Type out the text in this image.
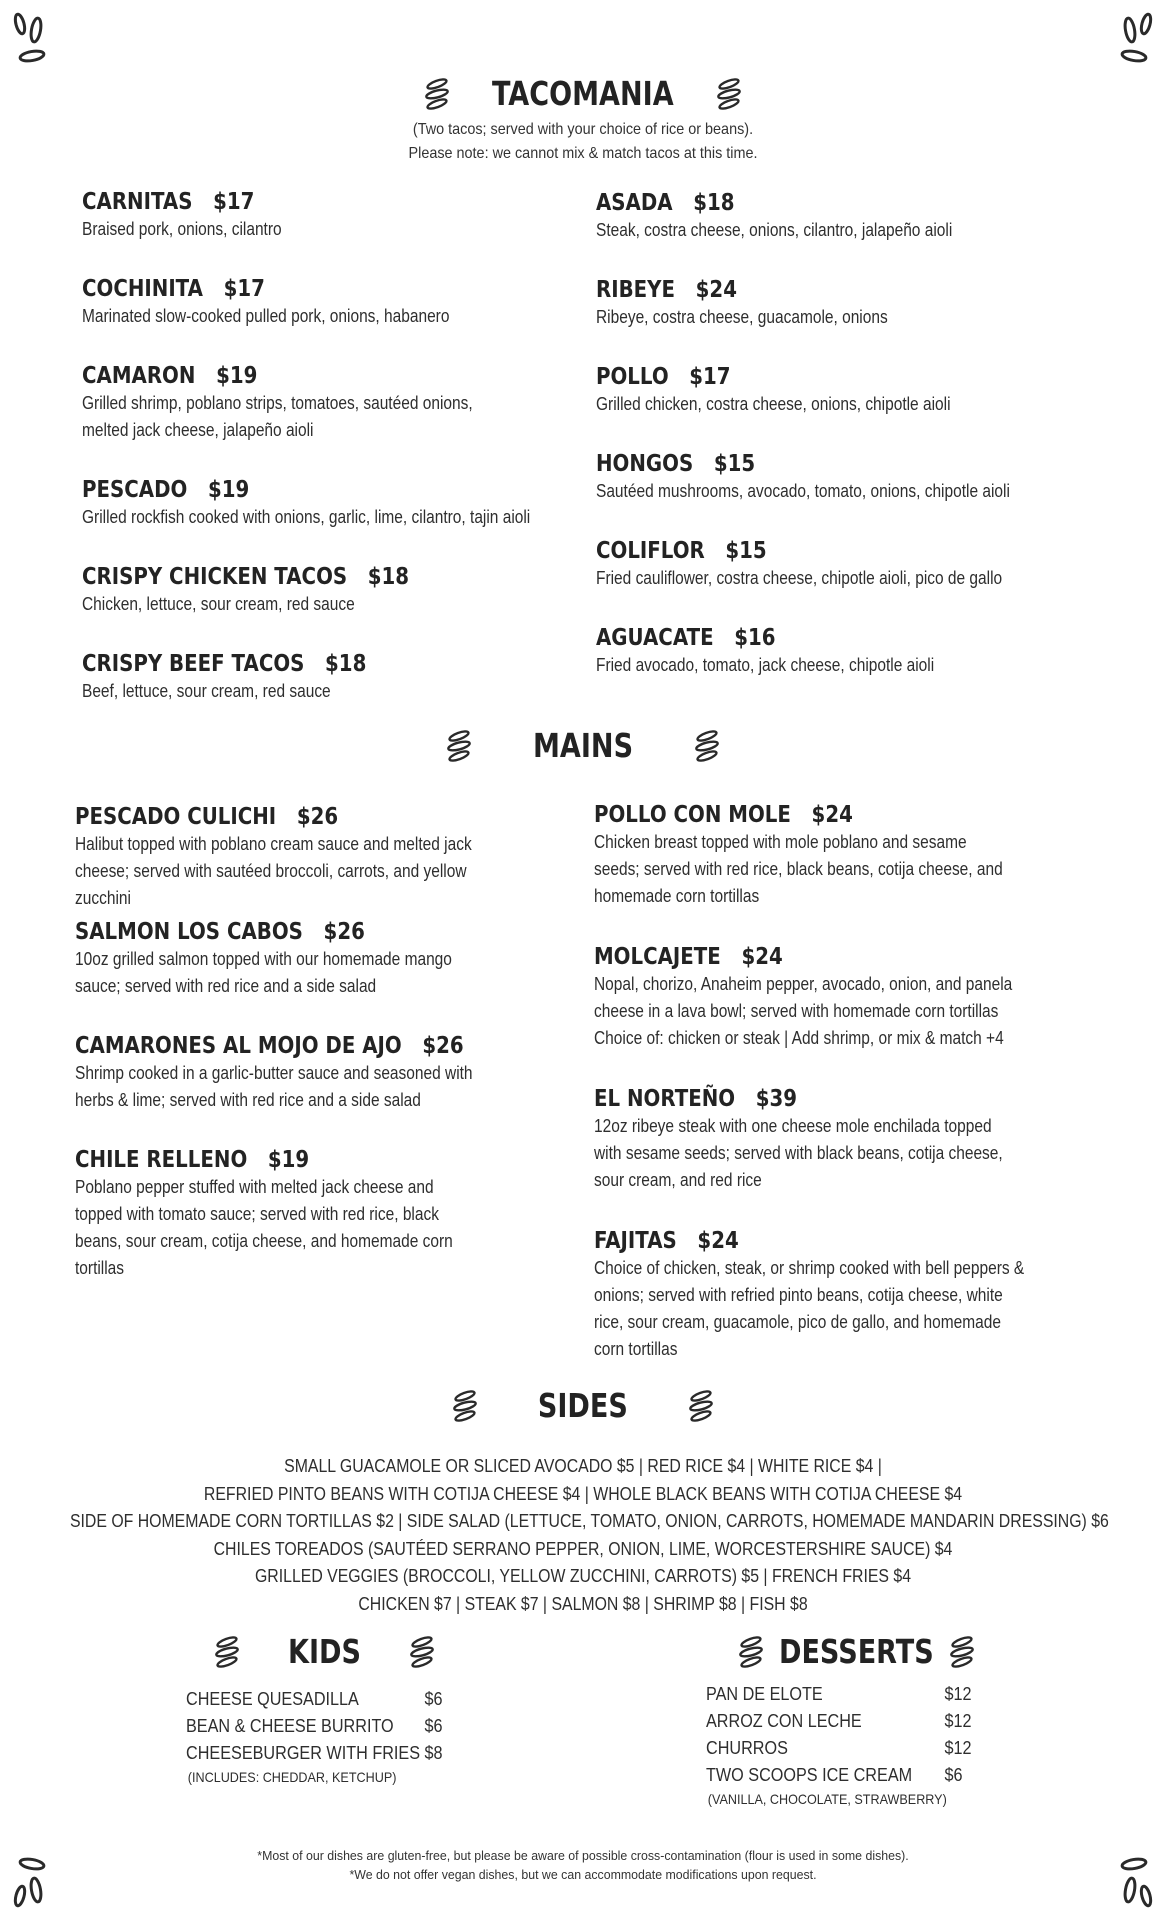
TACOMANIA
(Two tacos; served with your choice of rice or beans).
Please note: we cannot mix & match tacos at this time.
CARNITAS $17
Braised pork, onions, cilantro
COCHINITA $17
Marinated slow-cooked pulled pork, onions, habanero
CAMARON $19
Grilled shrimp, poblano strips, tomatoes, sautéed onions, melted jack cheese, jalapeño aioli
PESCADO $19
Grilled rockfish cooked with onions, garlic, lime, cilantro, tajin aioli
CRISPY CHICKEN TACOS $18
Chicken, lettuce, sour cream, red sauce
CRISPY BEEF TACOS $18
Beef, lettuce, sour cream, red sauce
ASADA $18
Steak, costra cheese, onions, cilantro, jalapeño aioli
RIBEYE $24
Ribeye, costra cheese, guacamole, onions
POLLO $17
Grilled chicken, costra cheese, onions, chipotle aioli
HONGOS $15
Sautéed mushrooms, avocado, tomato, onions, chipotle aioli
COLIFLOR $15
Fried cauliflower, costra cheese, chipotle aioli, pico de gallo
AGUACATE $16
Fried avocado, tomato, jack cheese, chipotle aioli
MAINS
PESCADO CULICHI $26
Halibut topped with poblano cream sauce and melted jack cheese; served with sautéed broccoli, carrots, and yellow zucchini
SALMON LOS CABOS $26
10oz grilled salmon topped with our homemade mango sauce; served with red rice and a side salad
CAMARONES AL MOJO DE AJO $26
Shrimp cooked in a garlic-butter sauce and seasoned with herbs & lime; served with red rice and a side salad
CHILE RELLENO $19
Poblano pepper stuffed with melted jack cheese and topped with tomato sauce; served with red rice, black beans, sour cream, cotija cheese, and homemade corn tortillas
POLLO CON MOLE $24
Chicken breast topped with mole poblano and sesame seeds; served with red rice, black beans, cotija cheese, and homemade corn tortillas
MOLCAJETE $24
Nopal, chorizo, Anaheim pepper, avocado, onion, and panela cheese in a lava bowl; served with homemade corn tortillas
Choice of: chicken or steak | Add shrimp, or mix & match +4
EL NORTEÑO $39
12oz ribeye steak with one cheese mole enchilada topped with sesame seeds; served with black beans, cotija cheese, sour cream, and red rice
FAJITAS $24
Choice of chicken, steak, or shrimp cooked with bell peppers & onions; served with refried pinto beans, cotija cheese, white rice, sour cream, guacamole, pico de gallo, and homemade corn tortillas
SIDES
SMALL GUACAMOLE OR SLICED AVOCADO $5 | RED RICE $4 | WHITE RICE $4 |
REFRIED PINTO BEANS WITH COTIJA CHEESE $4 | WHOLE BLACK BEANS WITH COTIJA CHEESE $4
SIDE OF HOMEMADE CORN TORTILLAS $2 | SIDE SALAD (LETTUCE, TOMATO, ONION, CARROTS, HOMEMADE MANDARIN DRESSING) $6
CHILES TOREADOS (SAUTÉED SERRANO PEPPER, ONION, LIME, WORCESTERSHIRE SAUCE) $4
GRILLED VEGGIES (BROCCOLI, YELLOW ZUCCHINI, CARROTS) $5 | FRENCH FRIES $4
CHICKEN $7 | STEAK $7 | SALMON $8 | SHRIMP $8 | FISH $8
KIDS
CHEESE QUESADILLA	$6
BEAN & CHEESE BURRITO	$6
CHEESEBURGER WITH FRIES $8
(INCLUDES: CHEDDAR, KETCHUP)
DESSERTS
PAN DE ELOTE	$12
ARROZ CON LECHE	$12
CHURROS	$12
TWO SCOOPS ICE CREAM	$6
(VANILLA, CHOCOLATE, STRAWBERRY)
*Most of our dishes are gluten-free, but please be aware of possible cross-contamination (flour is used in some dishes).
*We do not offer vegan dishes, but we can accommodate modifications upon request.
